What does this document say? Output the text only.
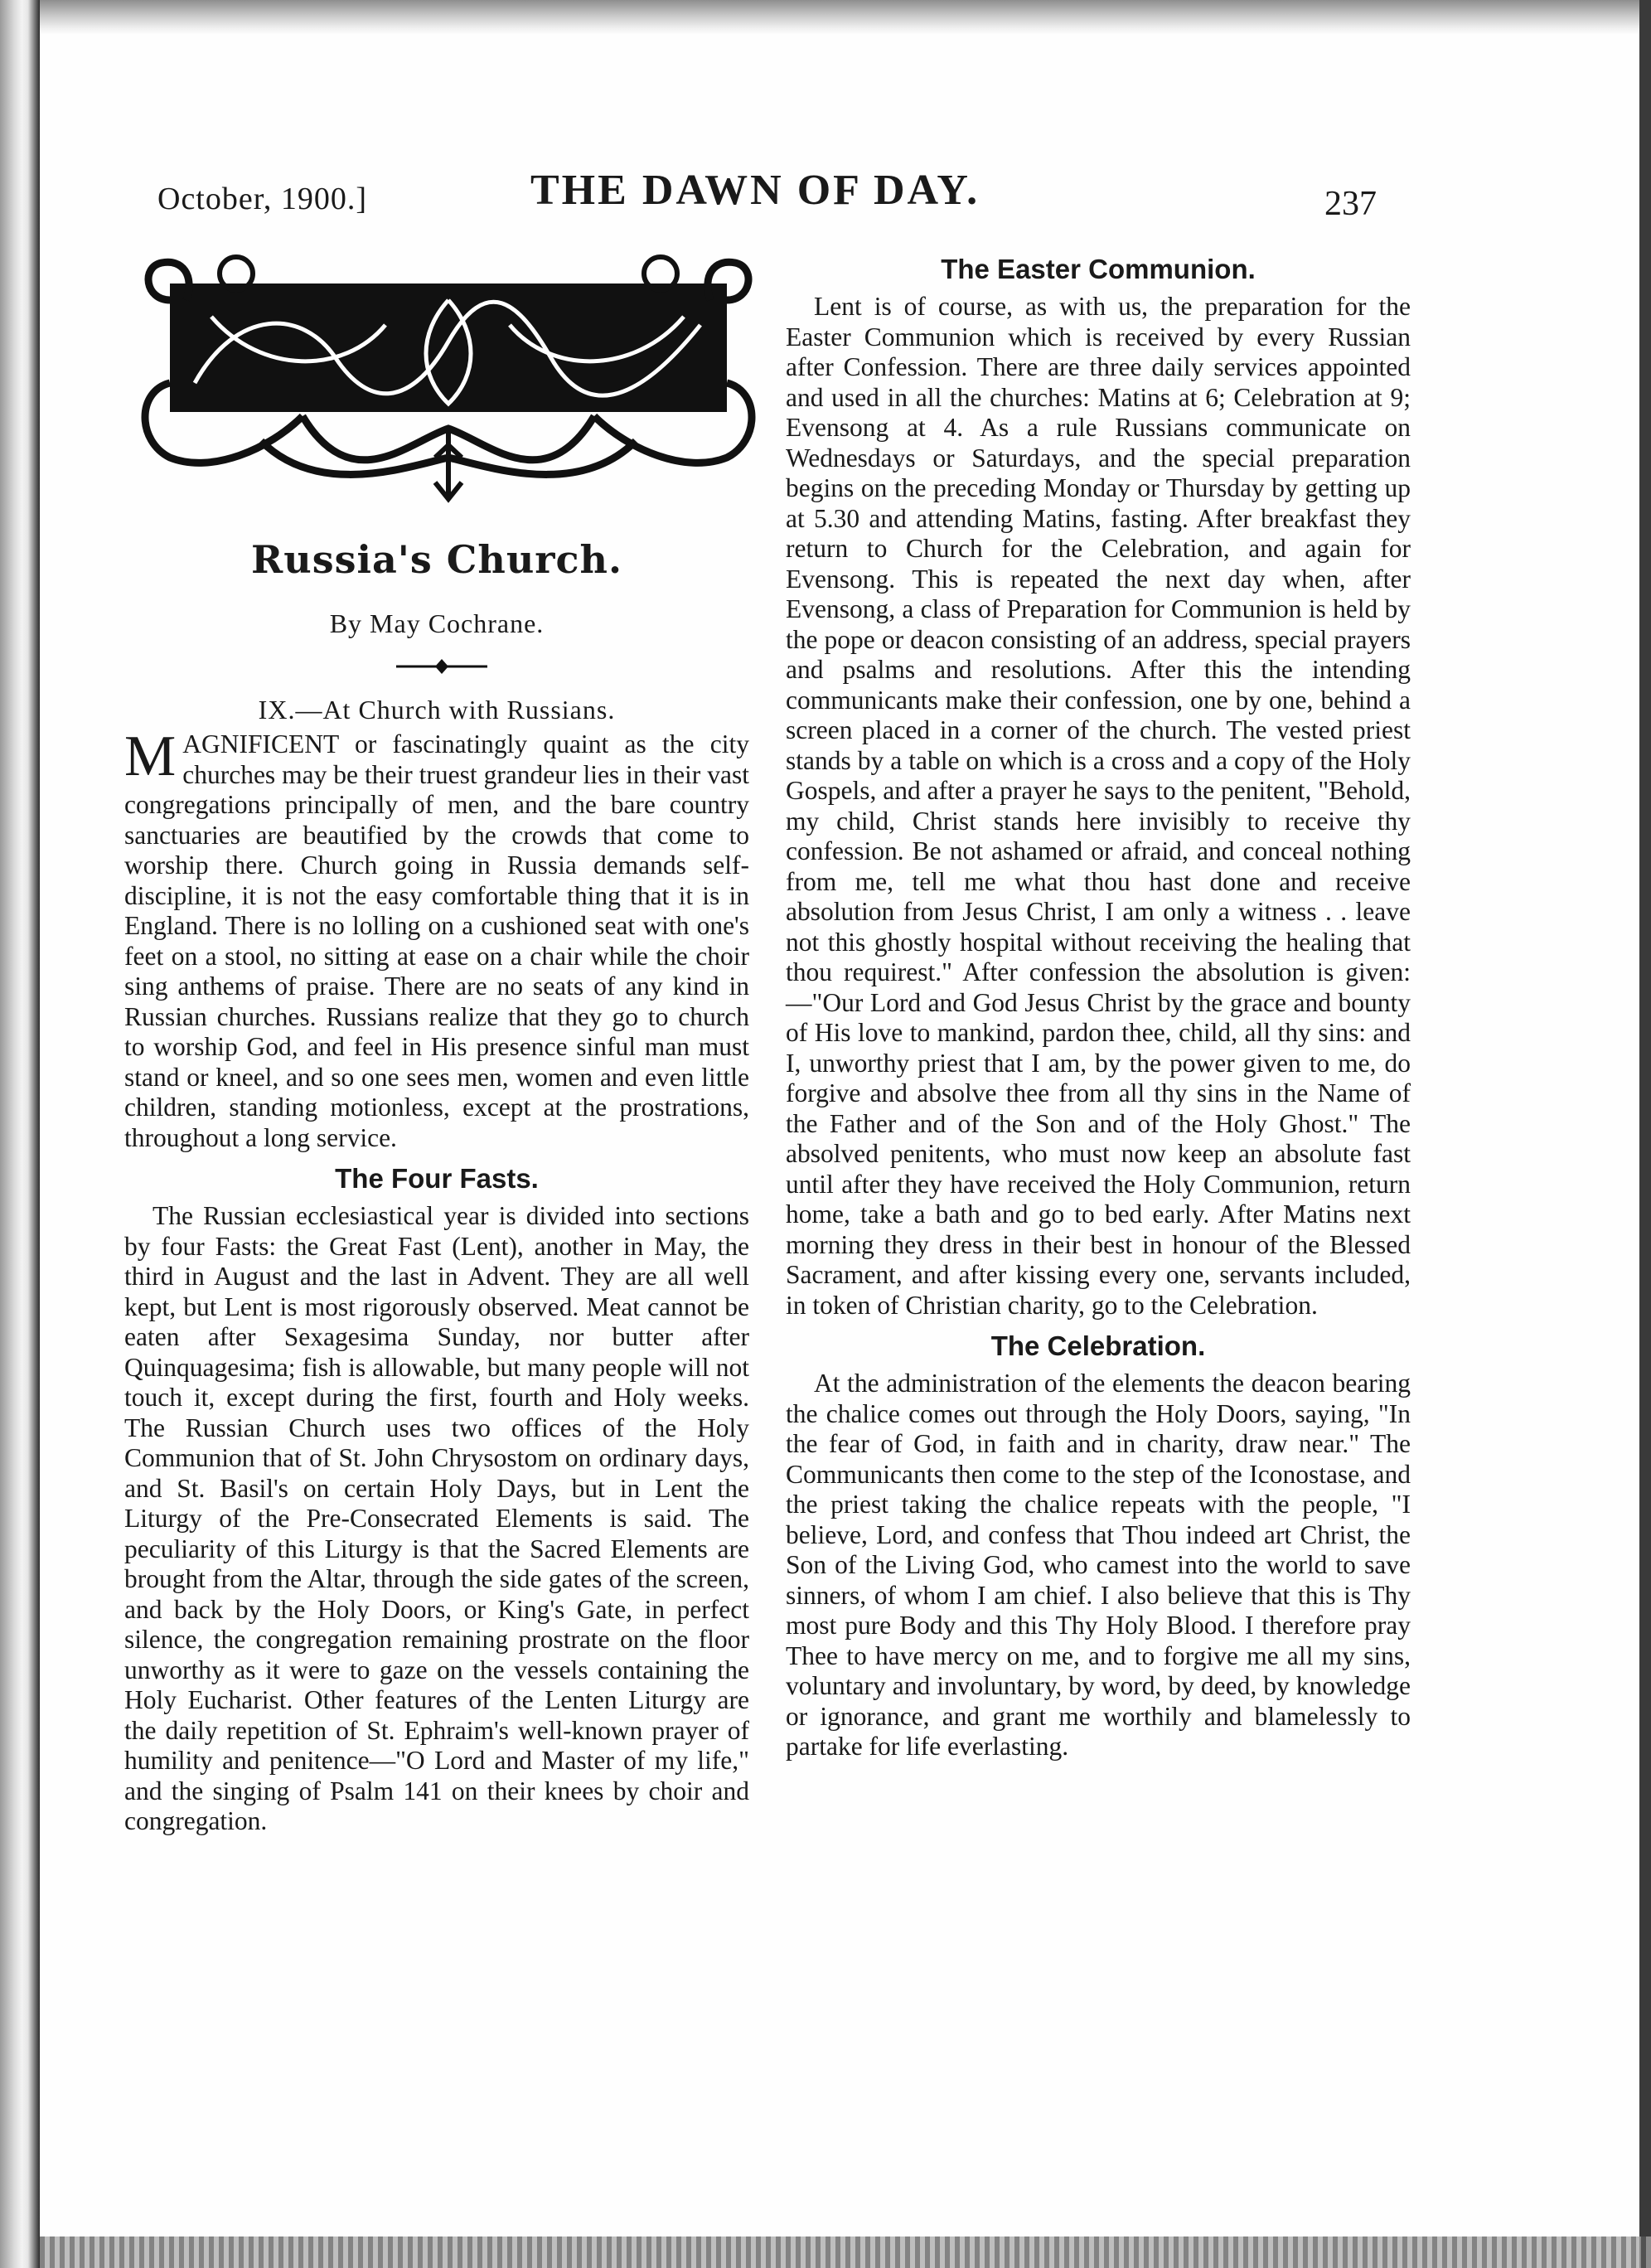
October, 1900.]	THE DAWN OF DAY.	237
Russia's Church.
By May Cochrane.
IX.—At Church with Russians.

MAGNIFICENT or fascinatingly quaint as the city churches may be their truest grandeur lies in their vast congregations principally of men, and the bare country sanctuaries are beautified by the crowds that come to worship there. Church going in Russia demands self-discipline, it is not the easy comfortable thing that it is in England. There is no lolling on a cushioned seat with one's feet on a stool, no sitting at ease on a chair while the choir sing anthems of praise. There are no seats of any kind in Russian churches. Russians realize that they go to church to worship God, and feel in His presence sinful man must stand or kneel, and so one sees men, women and even little children, standing motionless, except at the prostrations, throughout a long service.

The Four Fasts.

The Russian ecclesiastical year is divided into sections by four Fasts: the Great Fast (Lent), another in May, the third in August and the last in Advent. They are all well kept, but Lent is most rigorously observed. Meat cannot be eaten after Sexagesima Sunday, nor butter after Quinquagesima; fish is allowable, but many people will not touch it, except during the first, fourth and Holy weeks. The Russian Church uses two offices of the Holy Communion that of St. John Chrysostom on ordinary days, and St. Basil's on certain Holy Days, but in Lent the Liturgy of the Pre-Consecrated Elements is said. The peculiarity of this Liturgy is that the Sacred Elements are brought from the Altar, through the side gates of the screen, and back by the Holy Doors, or King's Gate, in perfect silence, the congregation remaining prostrate on the floor unworthy as it were to gaze on the vessels containing the Holy Eucharist. Other features of the Lenten Liturgy are the daily repetition of St. Ephraim's well-known prayer of humility and penitence—"O Lord and Master of my life," and the singing of Psalm 141 on their knees by choir and congregation.

The Easter Communion.

Lent is of course, as with us, the preparation for the Easter Communion which is received by every Russian after Confession. There are three daily services appointed and used in all the churches: Matins at 6; Celebration at 9; Evensong at 4. As a rule Russians communicate on Wednesdays or Saturdays, and the special preparation begins on the preceding Monday or Thursday by getting up at 5.30 and attending Matins, fasting. After breakfast they return to Church for the Celebration, and again for Evensong. This is repeated the next day when, after Evensong, a class of Preparation for Communion is held by the pope or deacon consisting of an address, special prayers and psalms and resolutions. After this the intending communicants make their confession, one by one, behind a screen placed in a corner of the church. The vested priest stands by a table on which is a cross and a copy of the Holy Gospels, and after a prayer he says to the penitent, "Behold, my child, Christ stands here invisibly to receive thy confession. Be not ashamed or afraid, and conceal nothing from me, tell me what thou hast done and receive absolution from Jesus Christ, I am only a witness . . leave not this ghostly hospital without receiving the healing that thou requirest." After confession the absolution is given:—"Our Lord and God Jesus Christ by the grace and bounty of His love to mankind, pardon thee, child, all thy sins: and I, unworthy priest that I am, by the power given to me, do forgive and absolve thee from all thy sins in the Name of the Father and of the Son and of the Holy Ghost." The absolved penitents, who must now keep an absolute fast until after they have received the Holy Communion, return home, take a bath and go to bed early. After Matins next morning they dress in their best in honour of the Blessed Sacrament, and after kissing every one, servants included, in token of Christian charity, go to the Celebration.

The Celebration.

At the administration of the elements the deacon bearing the chalice comes out through the Holy Doors, saying, "In the fear of God, in faith and in charity, draw near." The Communicants then come to the step of the Iconostase, and the priest taking the chalice repeats with the people, "I believe, Lord, and confess that Thou indeed art Christ, the Son of the Living God, who camest into the world to save sinners, of whom I am chief. I also believe that this is Thy most pure Body and this Thy Holy Blood. I therefore pray Thee to have mercy on me, and to forgive me all my sins, voluntary and involuntary, by word, by deed, by knowledge or ignorance, and grant me worthily and blamelessly to partake for life everlasting.
